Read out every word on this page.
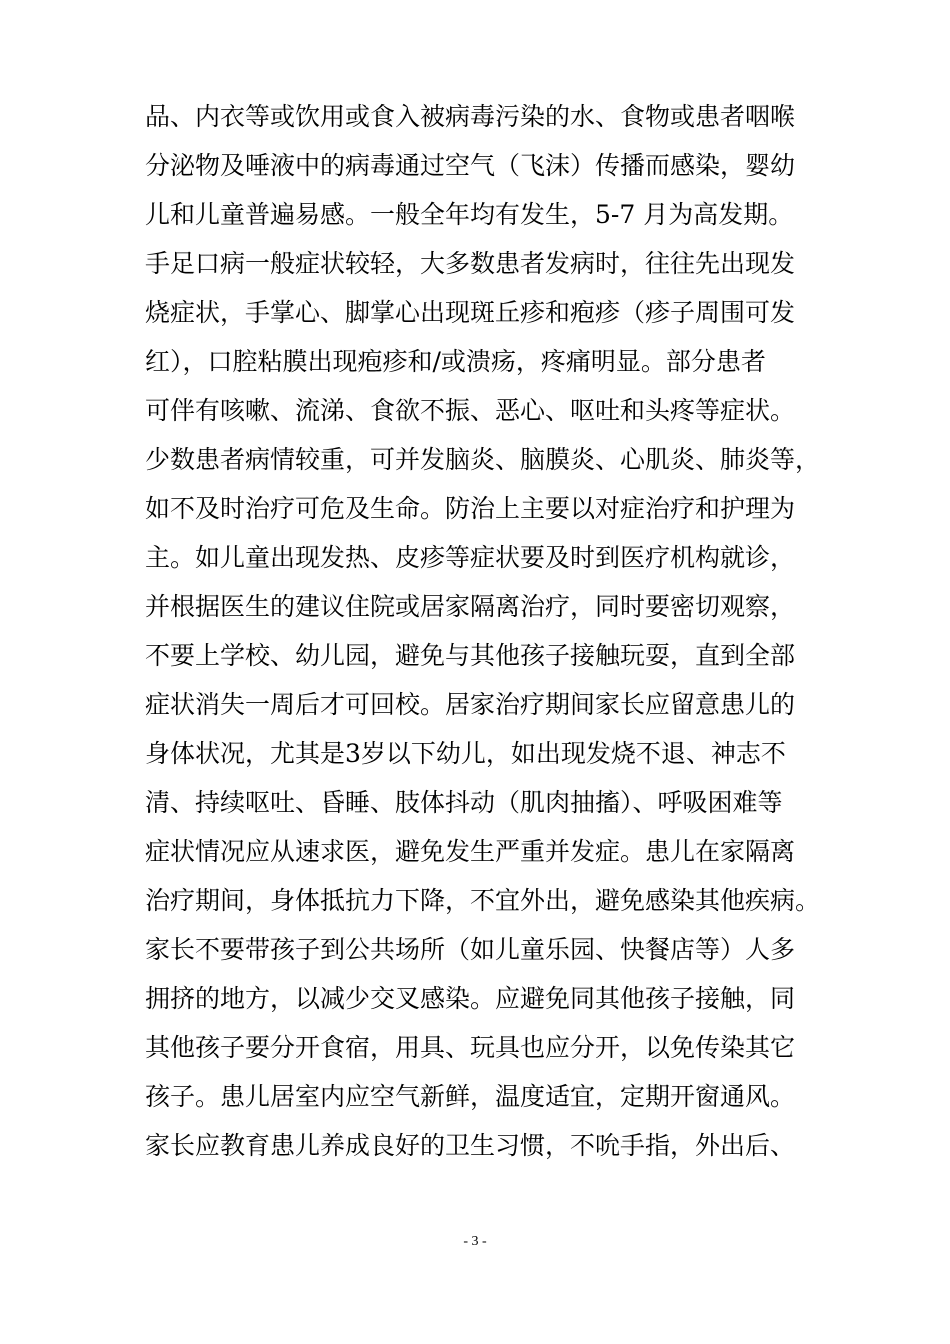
品、内衣等或饮用或食入被病毒污染的水、食物或患者咽喉
分泌物及唾液中的病毒通过空气（飞沫）传播而感染，婴幼
儿和儿童普遍易感。一般全年均有发生，5-7 月为高发期。
手足口病一般症状较轻，大多数患者发病时，往往先出现发
烧症状，手掌心、脚掌心出现斑丘疹和疱疹（疹子周围可发
红），口腔粘膜出现疱疹和/或溃疡，疼痛明显。部分患者
可伴有咳嗽、流涕、食欲不振、恶心、呕吐和头疼等症状。
少数患者病情较重，可并发脑炎、脑膜炎、心肌炎、肺炎等，
如不及时治疗可危及生命。防治上主要以对症治疗和护理为
主。如儿童出现发热、皮疹等症状要及时到医疗机构就诊，
并根据医生的建议住院或居家隔离治疗，同时要密切观察，
不要上学校、幼儿园，避免与其他孩子接触玩耍，直到全部
症状消失一周后才可回校。居家治疗期间家长应留意患儿的
身体状况，尤其是3岁以下幼儿，如出现发烧不退、神志不
清、持续呕吐、昏睡、肢体抖动（肌肉抽搐）、呼吸困难等
症状情况应从速求医，避免发生严重并发症。患儿在家隔离
治疗期间，身体抵抗力下降，不宜外出，避免感染其他疾病。
家长不要带孩子到公共场所（如儿童乐园、快餐店等）人多
拥挤的地方，以减少交叉感染。应避免同其他孩子接触，同
其他孩子要分开食宿，用具、玩具也应分开，以免传染其它
孩子。患儿居室内应空气新鲜，温度适宜，定期开窗通风。
家长应教育患儿养成良好的卫生习惯，不吮手指，外出后、
- 3 -
